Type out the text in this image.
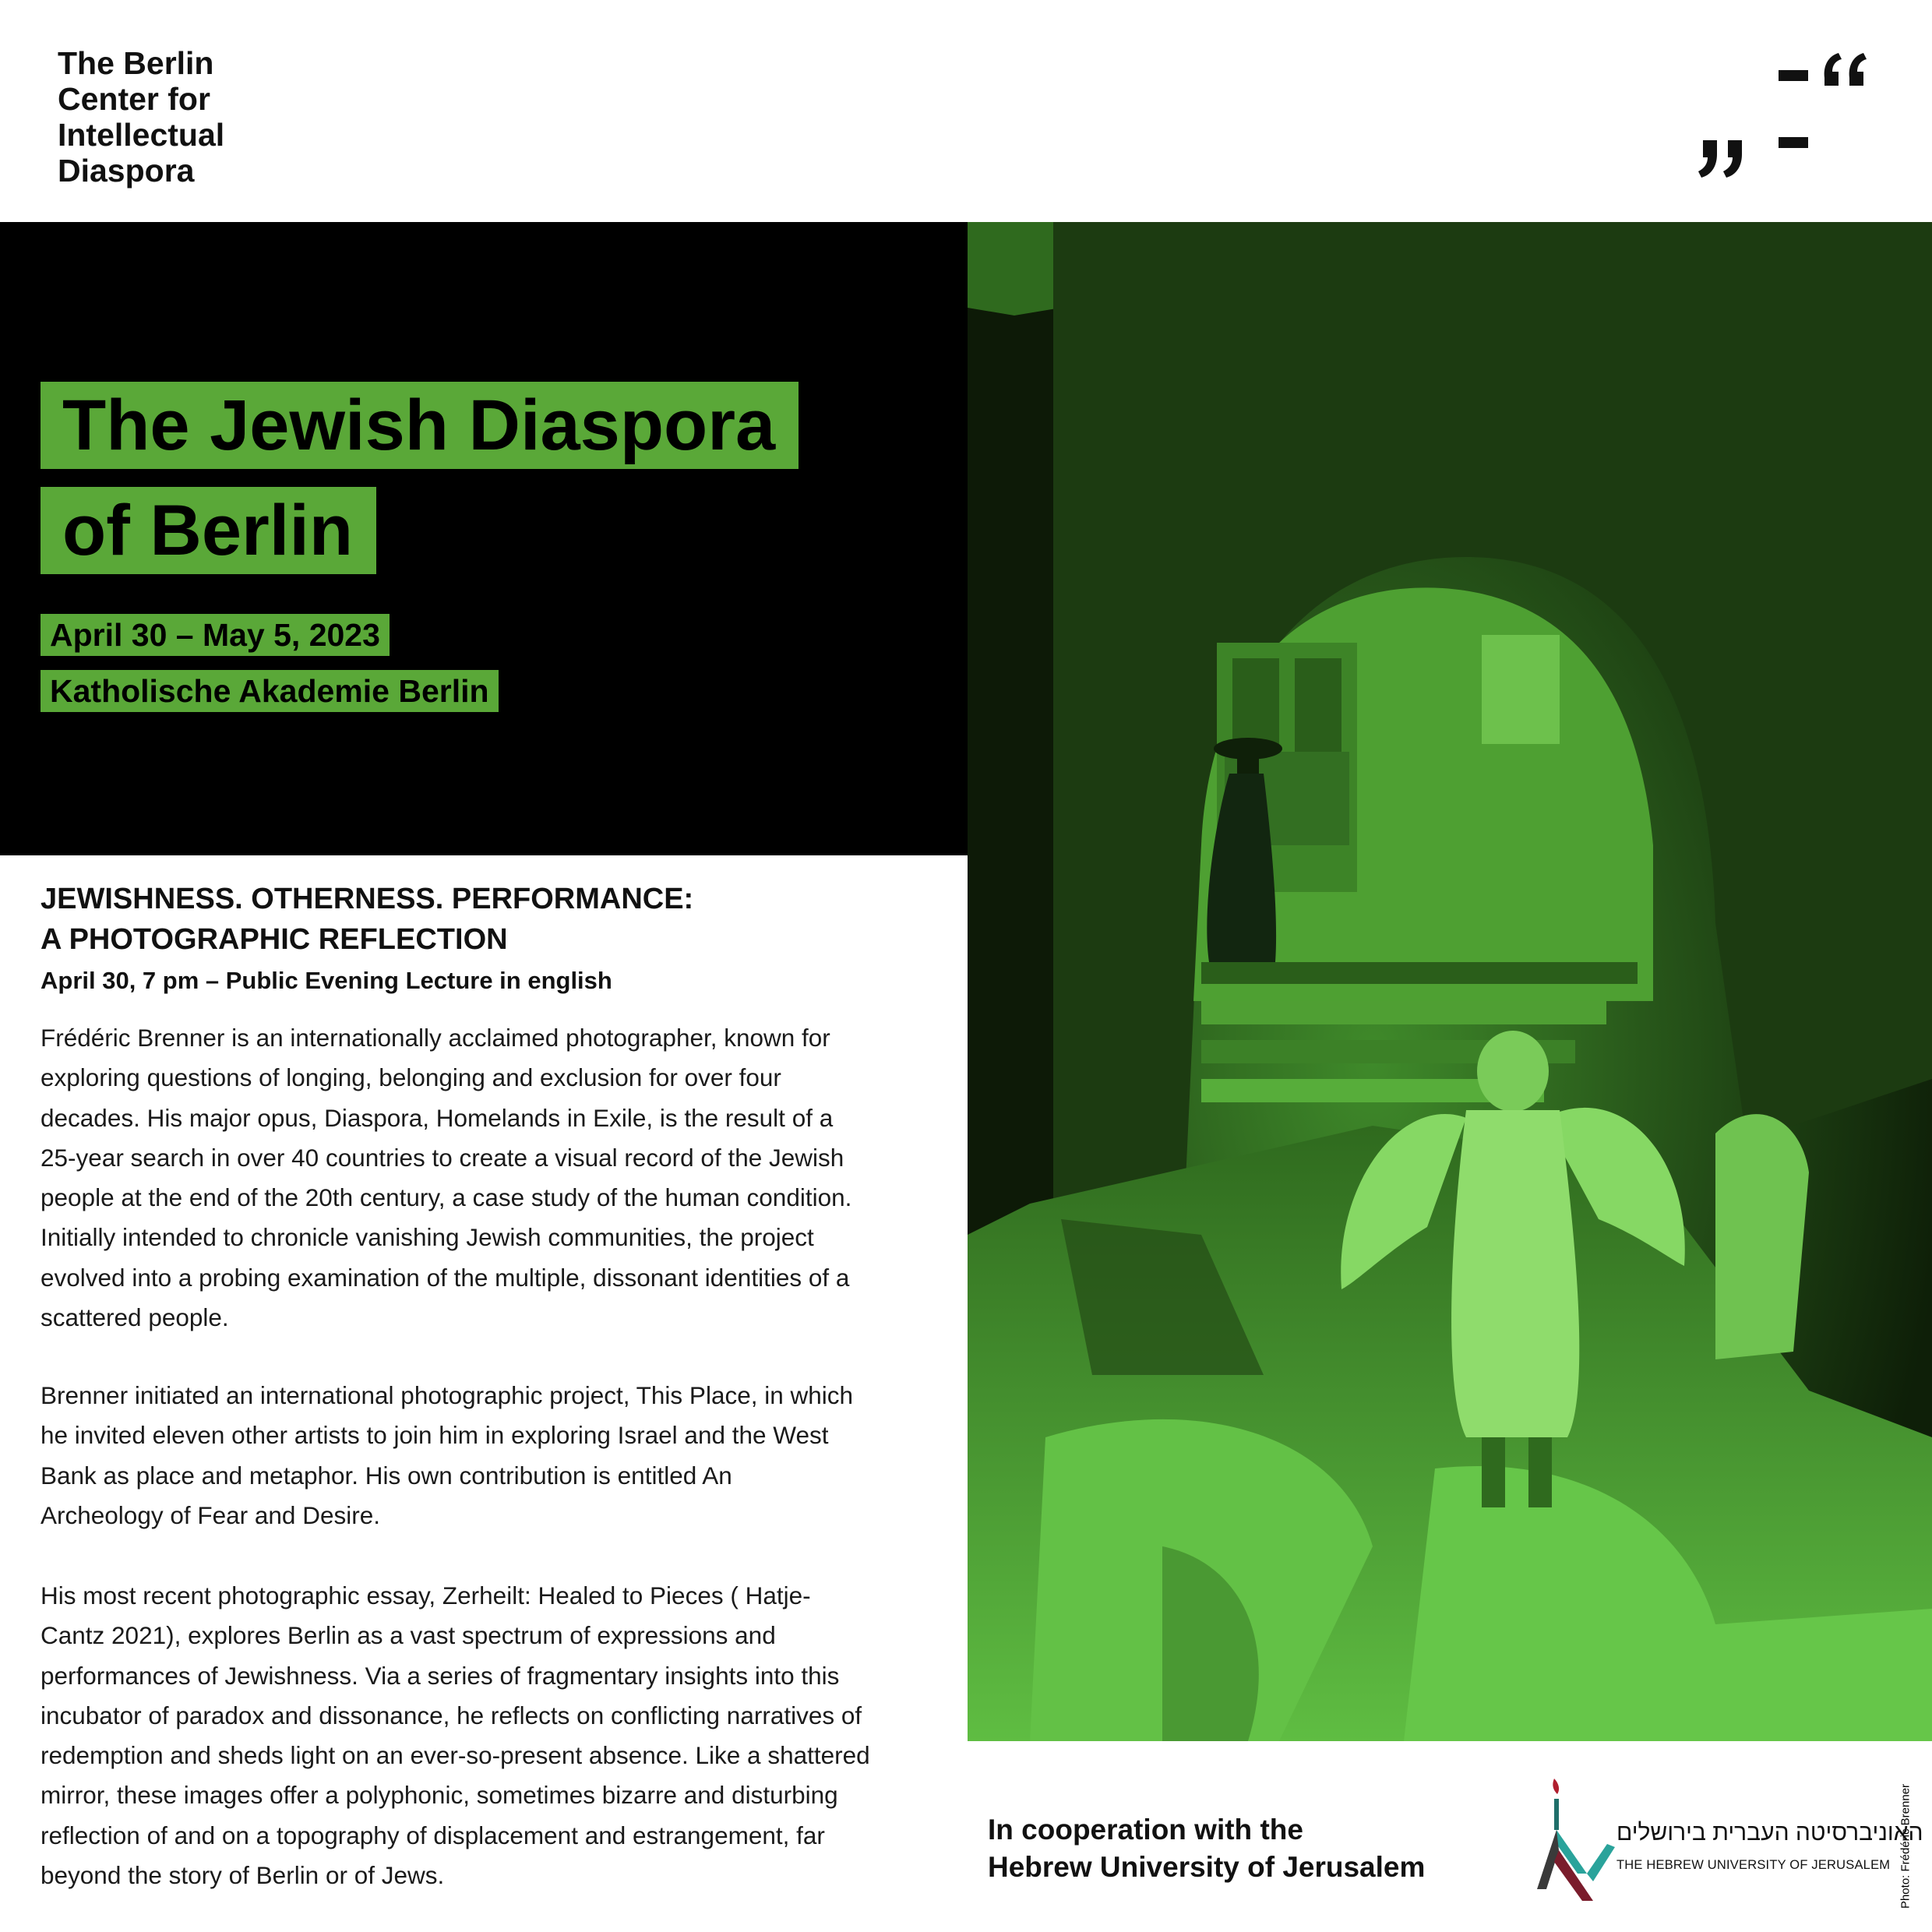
The Berlin
Center for
Intellectual
Diaspora
The Jewish Diaspora
of Berlin
April 30 – May 5, 2023
Katholische Akademie Berlin
Photo: Frédéric Brenner
JEWISHNESS. OTHERNESS. PERFORMANCE:
A PHOTOGRAPHIC REFLECTION
April 30, 7 pm – Public Evening Lecture in english
Frédéric Brenner is an internationally acclaimed photographer, known for
exploring questions of longing, belonging and exclusion for over four
decades. His major opus, Diaspora, Homelands in Exile, is the result of a
25-year search in over 40 countries to create a visual record of the Jewish
people at the end of the 20th century, a case study of the human condition.
Initially intended to chronicle vanishing Jewish communities, the project
evolved into a probing examination of the multiple, dissonant identities of a
scattered people.
Brenner initiated an international photographic project, This Place, in which
he invited eleven other artists to join him in exploring Israel and the West
Bank as place and metaphor. His own contribution is entitled An
Archeology of Fear and Desire.
His most recent photographic essay, Zerheilt: Healed to Pieces ( Hatje-
Cantz 2021), explores Berlin as a vast spectrum of expressions and
performances of Jewishness. Via a series of fragmentary insights into this
incubator of paradox and dissonance, he reflects on conflicting narratives of
redemption and sheds light on an ever-so-present absence. Like a shattered
mirror, these images offer a polyphonic, sometimes bizarre and disturbing
reflection of and on a topography of displacement and estrangement, far
beyond the story of Berlin or of Jews.
In cooperation with the
Hebrew University of Jerusalem
האוניברסיטה העברית בירושלים
THE HEBREW UNIVERSITY OF JERUSALEM
